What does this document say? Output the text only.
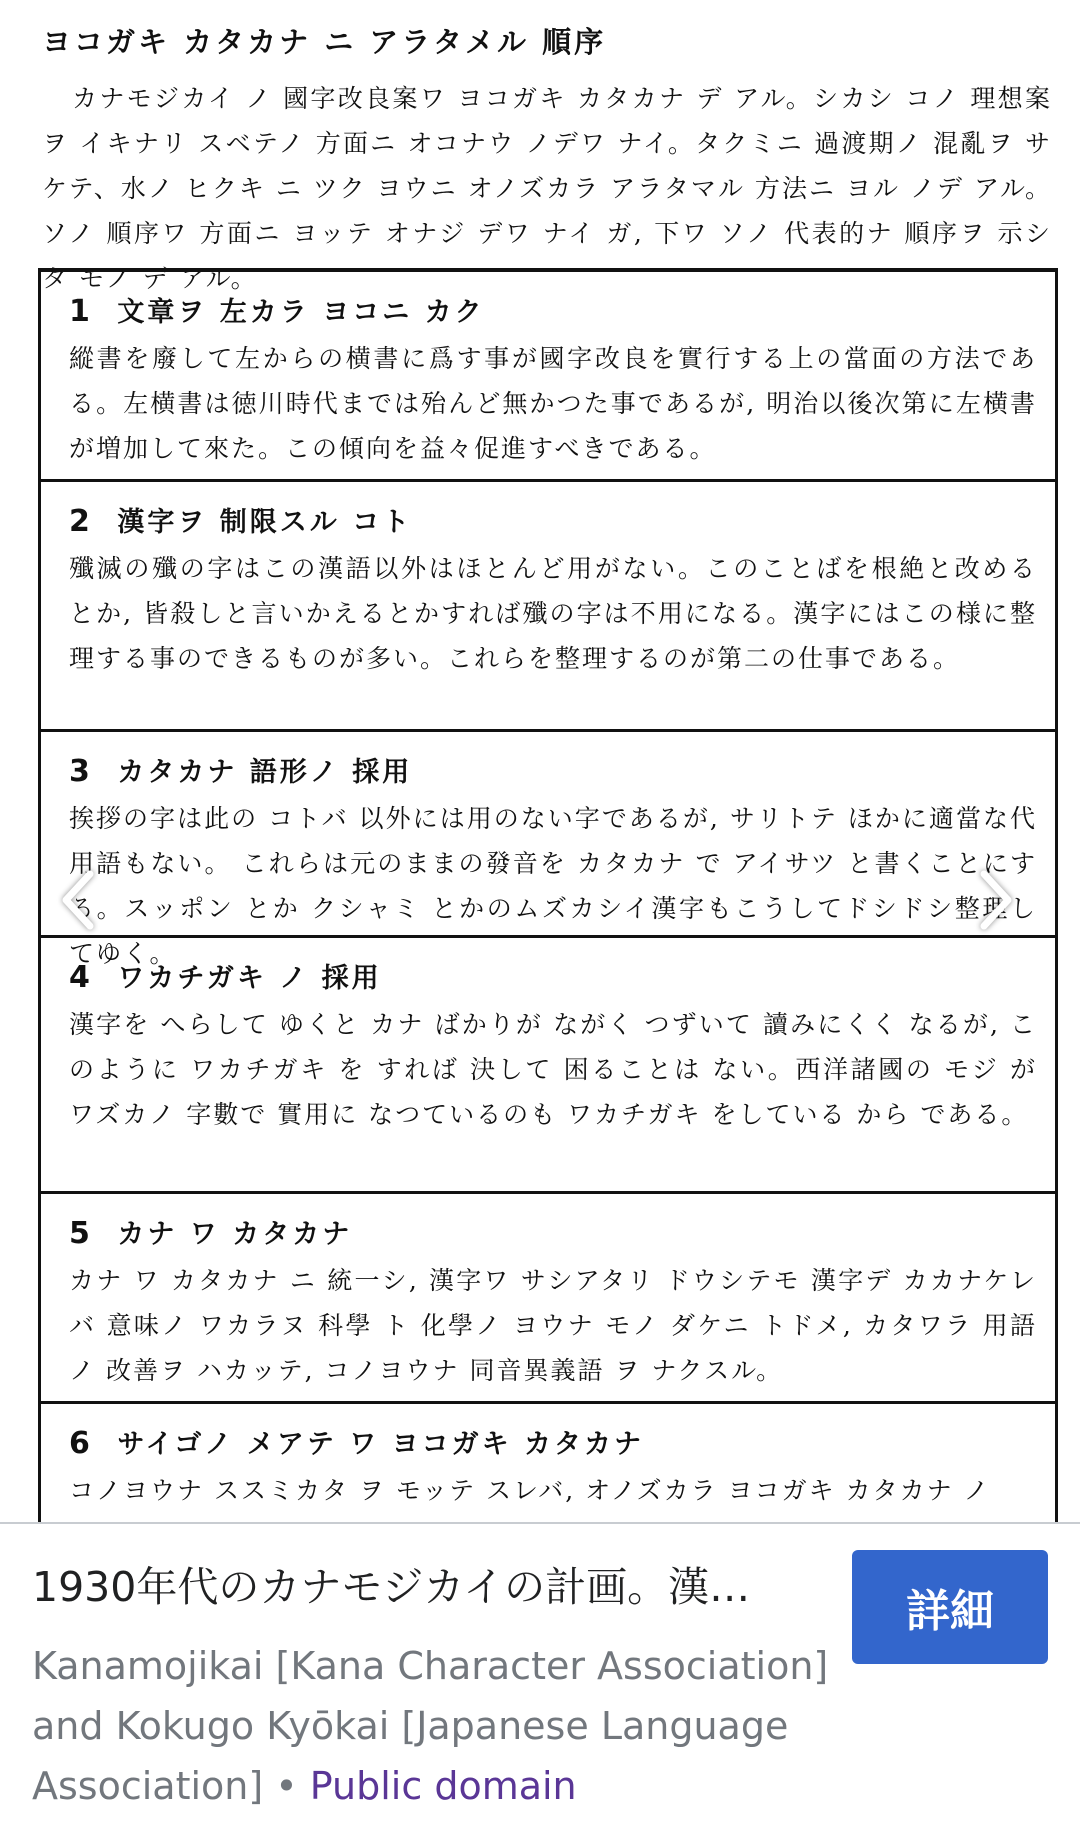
ヨコガキ カタカナ ニ アラタメル 順序
カナモジカイ ノ 國字改良案ワ ヨコガキ カタカナ デ アル。シカシ コノ 理想案ヲ イキナリ スベテノ 方面ニ オコナウ ノデワ ナイ。タクミニ 過渡期ノ 混亂ヲ サケテ、水ノ ヒクキ ニ ツク ヨウニ オノズカラ アラタマル 方法ニ ヨル ノデ アル。 ソノ 順序ワ 方面ニ ヨッテ オナジ デワ ナイ ガ, 下ワ ソノ 代表的ナ 順序ヲ 示シタ モノ デ アル。
1 文章ヲ 左カラ ヨコニ カク
縱書を廢して左からの横書に爲す事が國字改良を實行する上の當面の方法である。左横書は徳川時代までは殆んど無かつた事であるが, 明治以後次第に左横書が増加して來た。この傾向を益々促進すべきである。
2 漢字ヲ 制限スル コト
殲滅の殲の字はこの漢語以外はほとんど用がない。このことばを根絶と改めるとか, 皆殺しと言いかえるとかすれば殲の字は不用になる。漢字にはこの様に整理する事のできるものが多い。これらを整理するのが第二の仕事である。
3 カタカナ 語形ノ 採用
挨拶の字は此の コトバ 以外には用のない字であるが, サリトテ ほかに適當な代用語もない。 これらは元のままの發音を カタカナ で アイサツ と書くことにする。スッポン とか クシャミ とかのムズカシイ漢字もこうしてドシドシ整理してゆく。
4 ワカチガキ ノ 採用
漢字を へらして ゆくと カナ ばかりが ながく つずいて 讀みにくく なるが, このように ワカチガキ を すれば 決して 困ることは ない。西洋諸國の モジ が ワズカノ 字數で 實用に なつているのも ワカチガキ をしている から である。
5 カナ ワ カタカナ
カナ ワ カタカナ ニ 統一シ, 漢字ワ サシアタリ ドウシテモ 漢字デ カカナケレバ 意味ノ ワカラヌ 科學 ト 化學ノ ヨウナ モノ ダケニ トドメ, カタワラ 用語ノ 改善ヲ ハカッテ, コノヨウナ 同音異義語 ヲ ナクスル。
6 サイゴノ メアテ ワ ヨコガキ カタカナ
コノヨウナ ススミカタ ヲ モッテ スレバ, オノズカラ ヨコガキ カタカナ ノ
1930年代のカナモジカイの計画。漢…	詳細
Kanamojikai [Kana Character Association] and Kokugo Kyōkai [Japanese Language Association] • Public domain
